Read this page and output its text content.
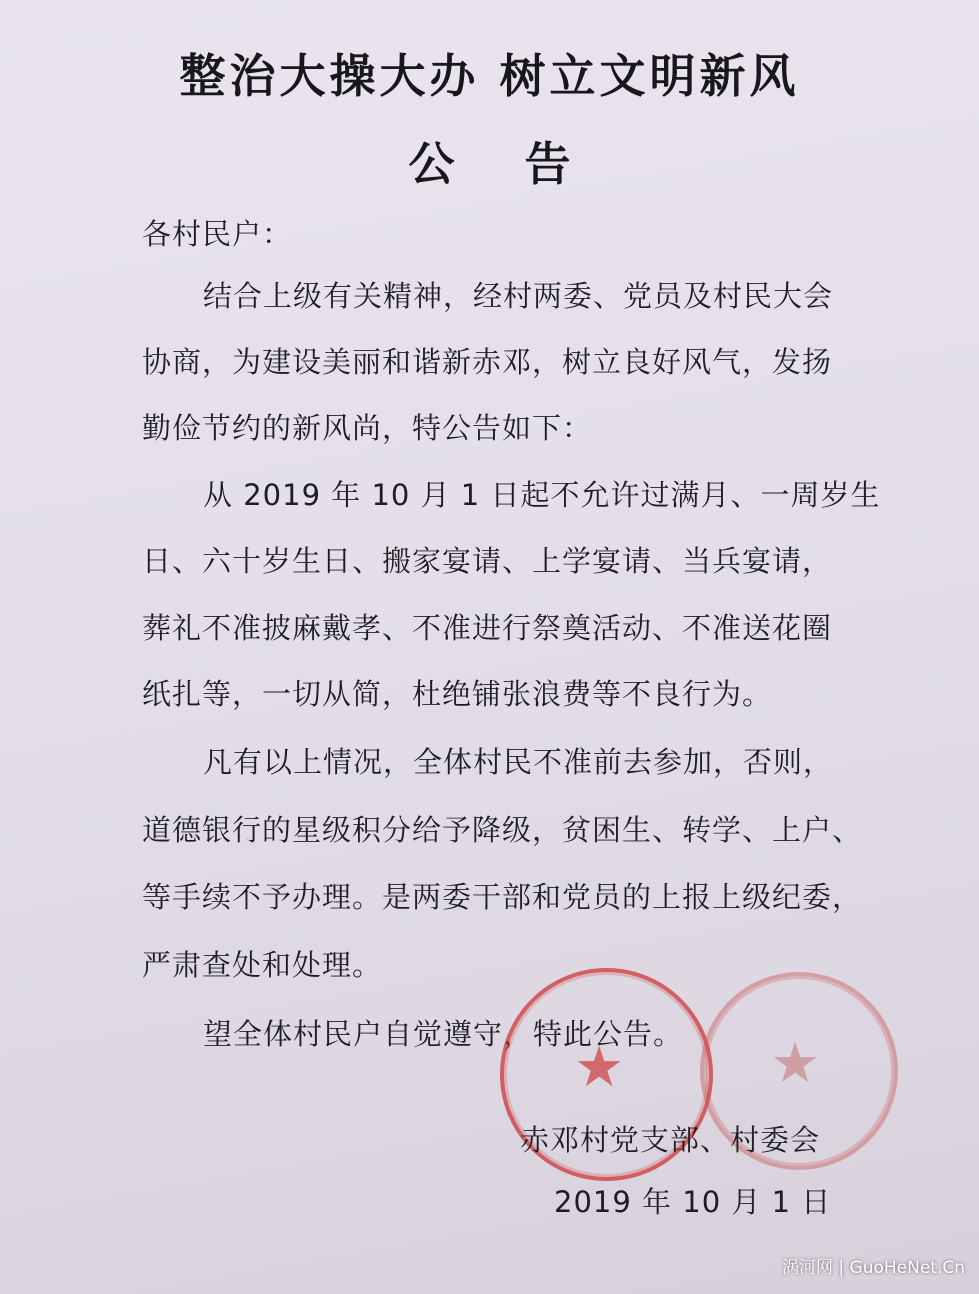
整治大操大办 树立文明新风
公告
各村民户：
结合上级有关精神，经村两委、党员及村民大会
协商，为建设美丽和谐新赤邓，树立良好风气，发扬
勤俭节约的新风尚，特公告如下：
从 2019 年 10 月 1 日起不允许过满月、一周岁生
日、六十岁生日、搬家宴请、上学宴请、当兵宴请，
葬礼不准披麻戴孝、不准进行祭奠活动、不准送花圈
纸扎等，一切从简，杜绝铺张浪费等不良行为。
凡有以上情况，全体村民不准前去参加，否则，
道德银行的星级积分给予降级，贫困生、转学、上户、
等手续不予办理。是两委干部和党员的上报上级纪委，
严肃查处和处理。
望全体村民户自觉遵守，特此公告。
★	★
赤邓村党支部、村委会
2019 年 10 月 1 日
涡河网 | GuoHeNet.Cn
